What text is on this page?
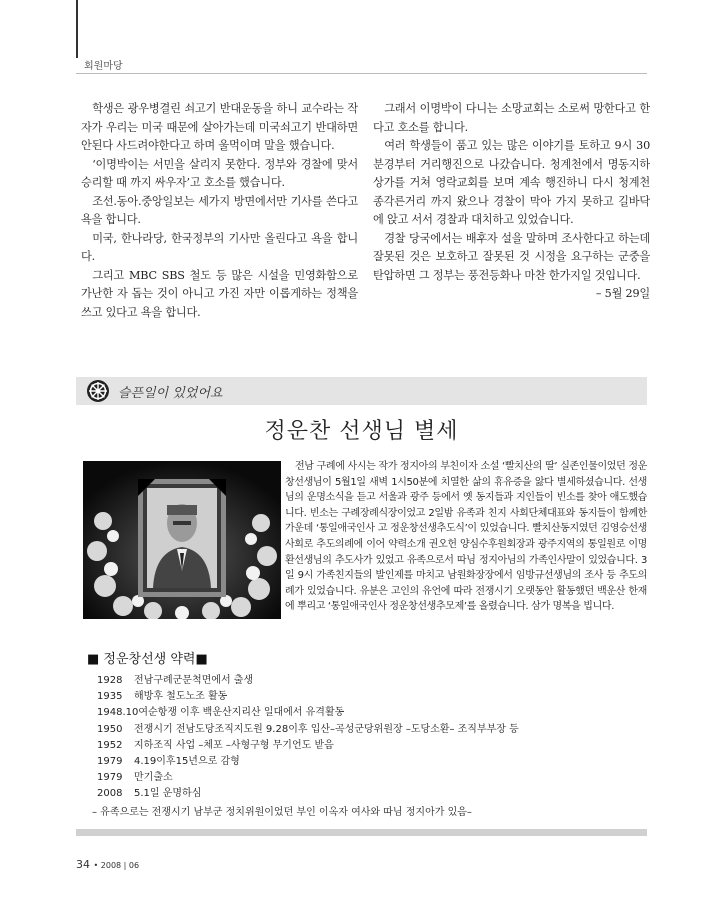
회원마당

학생은 광우병결린 쇠고기 반대운동을 하니 교수라는 작자가 우리는 미국 때문에 살아가는데 미국쇠고기 반대하면 안된다 사드려야한다고 하며 울먹이며 말을 했습니다.

‘이명박이는 서민을 살리지 못한다. 정부와 경찰에 맞서 승리할 때 까지 싸우자’고 호소를 했습니다.

조선.동아.중앙일보는 세가지 방면에서만 기사를 쓴다고 욕을 합니다.

미국, 한나라당, 한국정부의 기사만 올린다고 욕을 합니다.

그리고 MBC SBS 철도 등 많은 시설을 민영화함으로 가난한 자 돕는 것이 아니고 가진 자만 이롭게하는 정책을 쓰고 있다고 욕을 합니다.

그래서 이명박이 다니는 소망교회는 소로써 망한다고 한다고 호소를 합니다.

여러 학생들이 품고 있는 많은 이야기를 토하고 9시 30분경부터 거리행진으로 나갔습니다. 청계천에서 명동지하상가를 거쳐 영락교회를 보며 계속 행진하니 다시 청계천 종각른거리 까지 왔으나 경찰이 막아 가지 못하고 길바닥에 앉고 서서 경찰과 대치하고 있었습니다.

경찰 당국에서는 배후자 설을 말하며 조사한다고 하는데 잘못된 것은 보호하고 잘못된 것 시정을 요구하는 군중을 탄압하면 그 정부는 풍전등화나 마찬 한가지일 것입니다.

– 5월 29일

슬픈일이 있었어요
정운찬 선생님 별세

전남 구례에 사시는 작가 정지아의 부친이자 소설 ‘빨치산의 딸’ 실존인물이었던 정운창선생님이 5월1일 새벽 1시50분에 치열한 삶의 휴유증을 앓다 별세하셨습니다. 선생님의 운명소식을 듣고 서울과 광주 등에서 옛 동지들과 지인들이 빈소를 찾아 애도했습니다. 빈소는 구례장례식장이었고 2일밤 유족과 친지 사회단체대표와 동지들이 함께한 가운데 ‘통일애국인사 고 정운창선생추도식’이 있었습니다. 빨치산동지였던 김영승선생 사회로 추도의례에 이어 약력소개 권오헌 양심수후원회장과 광주지역의 통일원로 이명환선생님의 추도사가 있었고 유족으로서 따님 정지아님의 가족인사말이 있었습니다. 3일 9시 가족친지들의 발인제를 마치고 남원화장장에서 임방규선생님의 조사 등 추도의례가 있었습니다. 유분은 고인의 유언에 따라 전쟁시기 오랫동안 활동했던 백운산 한재에 뿌리고 ‘통일애국인사 정운창선생추모제’를 올렸습니다. 삼가 명복을 빕니다.

■ 정운창선생 약력■
1928 전남구례군문척면에서 출생
1935 해방후 철도노조 활동
1948.10여순항쟁 이후 백운산지리산 일대에서 유격활동
1950 전쟁시기 전남도당조직지도원 9.28이후 입산–곡성군당위원장 –도당소환– 조직부부장 등
1952 지하조직 사업 –체포 –사형구형 무기언도 받음
1979 4.19이후15년으로 감형
1979 만기출소
2008 5.1일 운명하심
– 유족으로는 전쟁시기 남부군 정치위원이었던 부인 이옥자 여사와 따님 정지아가 있음–
34 • 2008 | 06
